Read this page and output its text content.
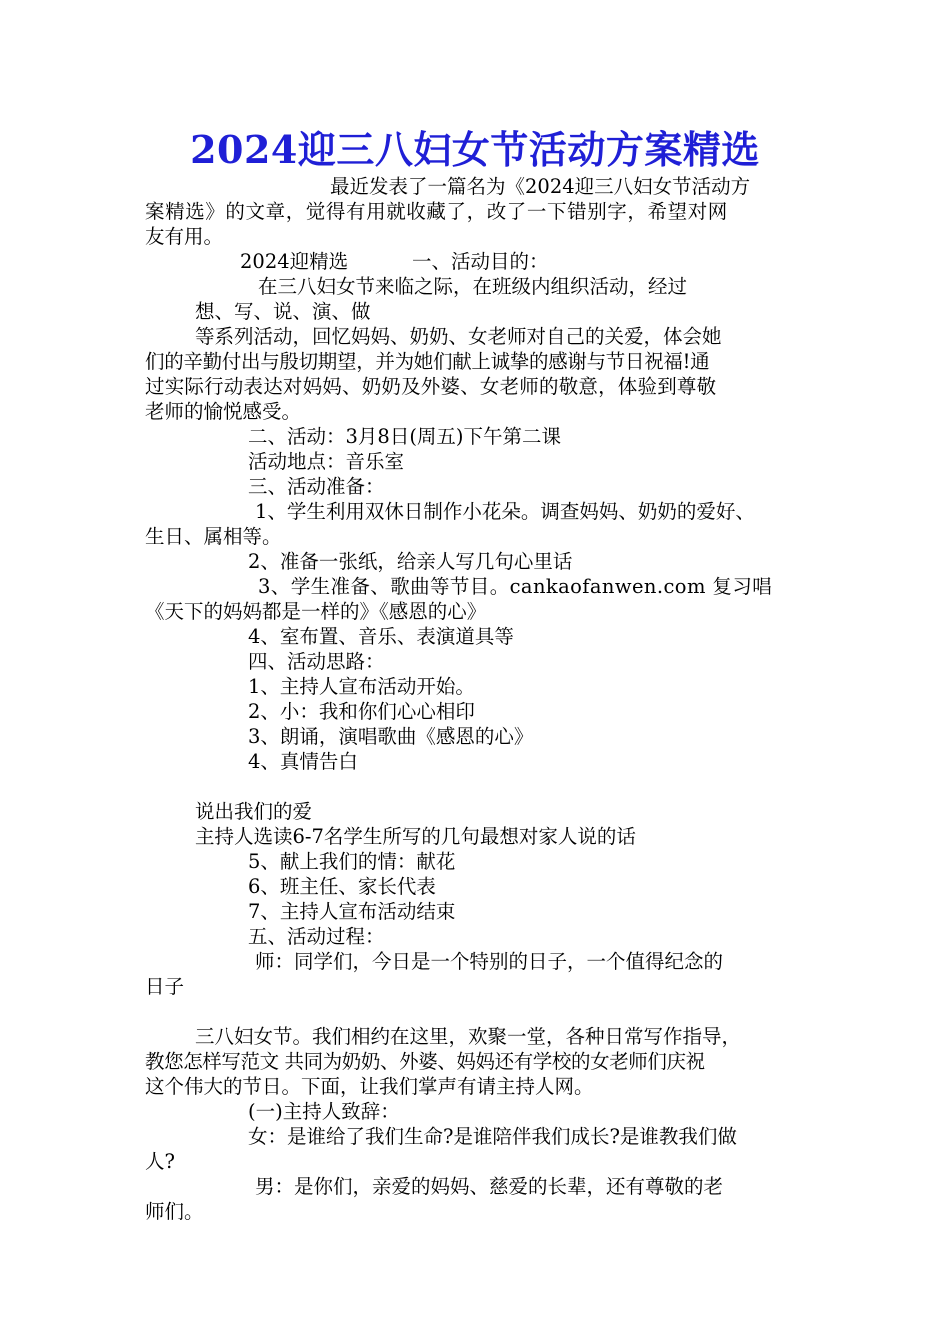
2024迎三八妇女节活动方案精选

最近发表了一篇名为《2024迎三八妇女节活动方

案精选》的文章，觉得有用就收藏了，改了一下错别字，希望对网

友有用。

2024迎精选	一、活动目的：

在三八妇女节来临之际，在班级内组织活动，经过

想、写、说、演、做

等系列活动，回忆妈妈、奶奶、女老师对自己的关爱，体会她

们的辛勤付出与殷切期望，并为她们献上诚挚的感谢与节日祝福!通

过实际行动表达对妈妈、奶奶及外婆、女老师的敬意，体验到尊敬

老师的愉悦感受。

二、活动：3月8日(周五)下午第二课

活动地点：音乐室

三、活动准备：

1、学生利用双休日制作小花朵。调查妈妈、奶奶的爱好、

生日、属相等。

2、准备一张纸，给亲人写几句心里话

3、学生准备、歌曲等节目。cankaofanwen.com 复习唱

《天下的妈妈都是一样的》《感恩的心》

4、室布置、音乐、表演道具等

四、活动思路：

1、主持人宣布活动开始。

2、小：我和你们心心相印

3、朗诵，演唱歌曲《感恩的心》

4、真情告白

说出我们的爱

主持人选读6-7名学生所写的几句最想对家人说的话

5、献上我们的情：献花

6、班主任、家长代表

7、主持人宣布活动结束

五、活动过程：

师：同学们，今日是一个特别的日子，一个值得纪念的

日子

三八妇女节。我们相约在这里，欢聚一堂，各种日常写作指导，

教您怎样写范文 共同为奶奶、外婆、妈妈还有学校的女老师们庆祝

这个伟大的节日。下面，让我们掌声有请主持人网。

(一)主持人致辞：

女：是谁给了我们生命?是谁陪伴我们成长?是谁教我们做

人?

男：是你们，亲爱的妈妈、慈爱的长辈，还有尊敬的老

师们。
